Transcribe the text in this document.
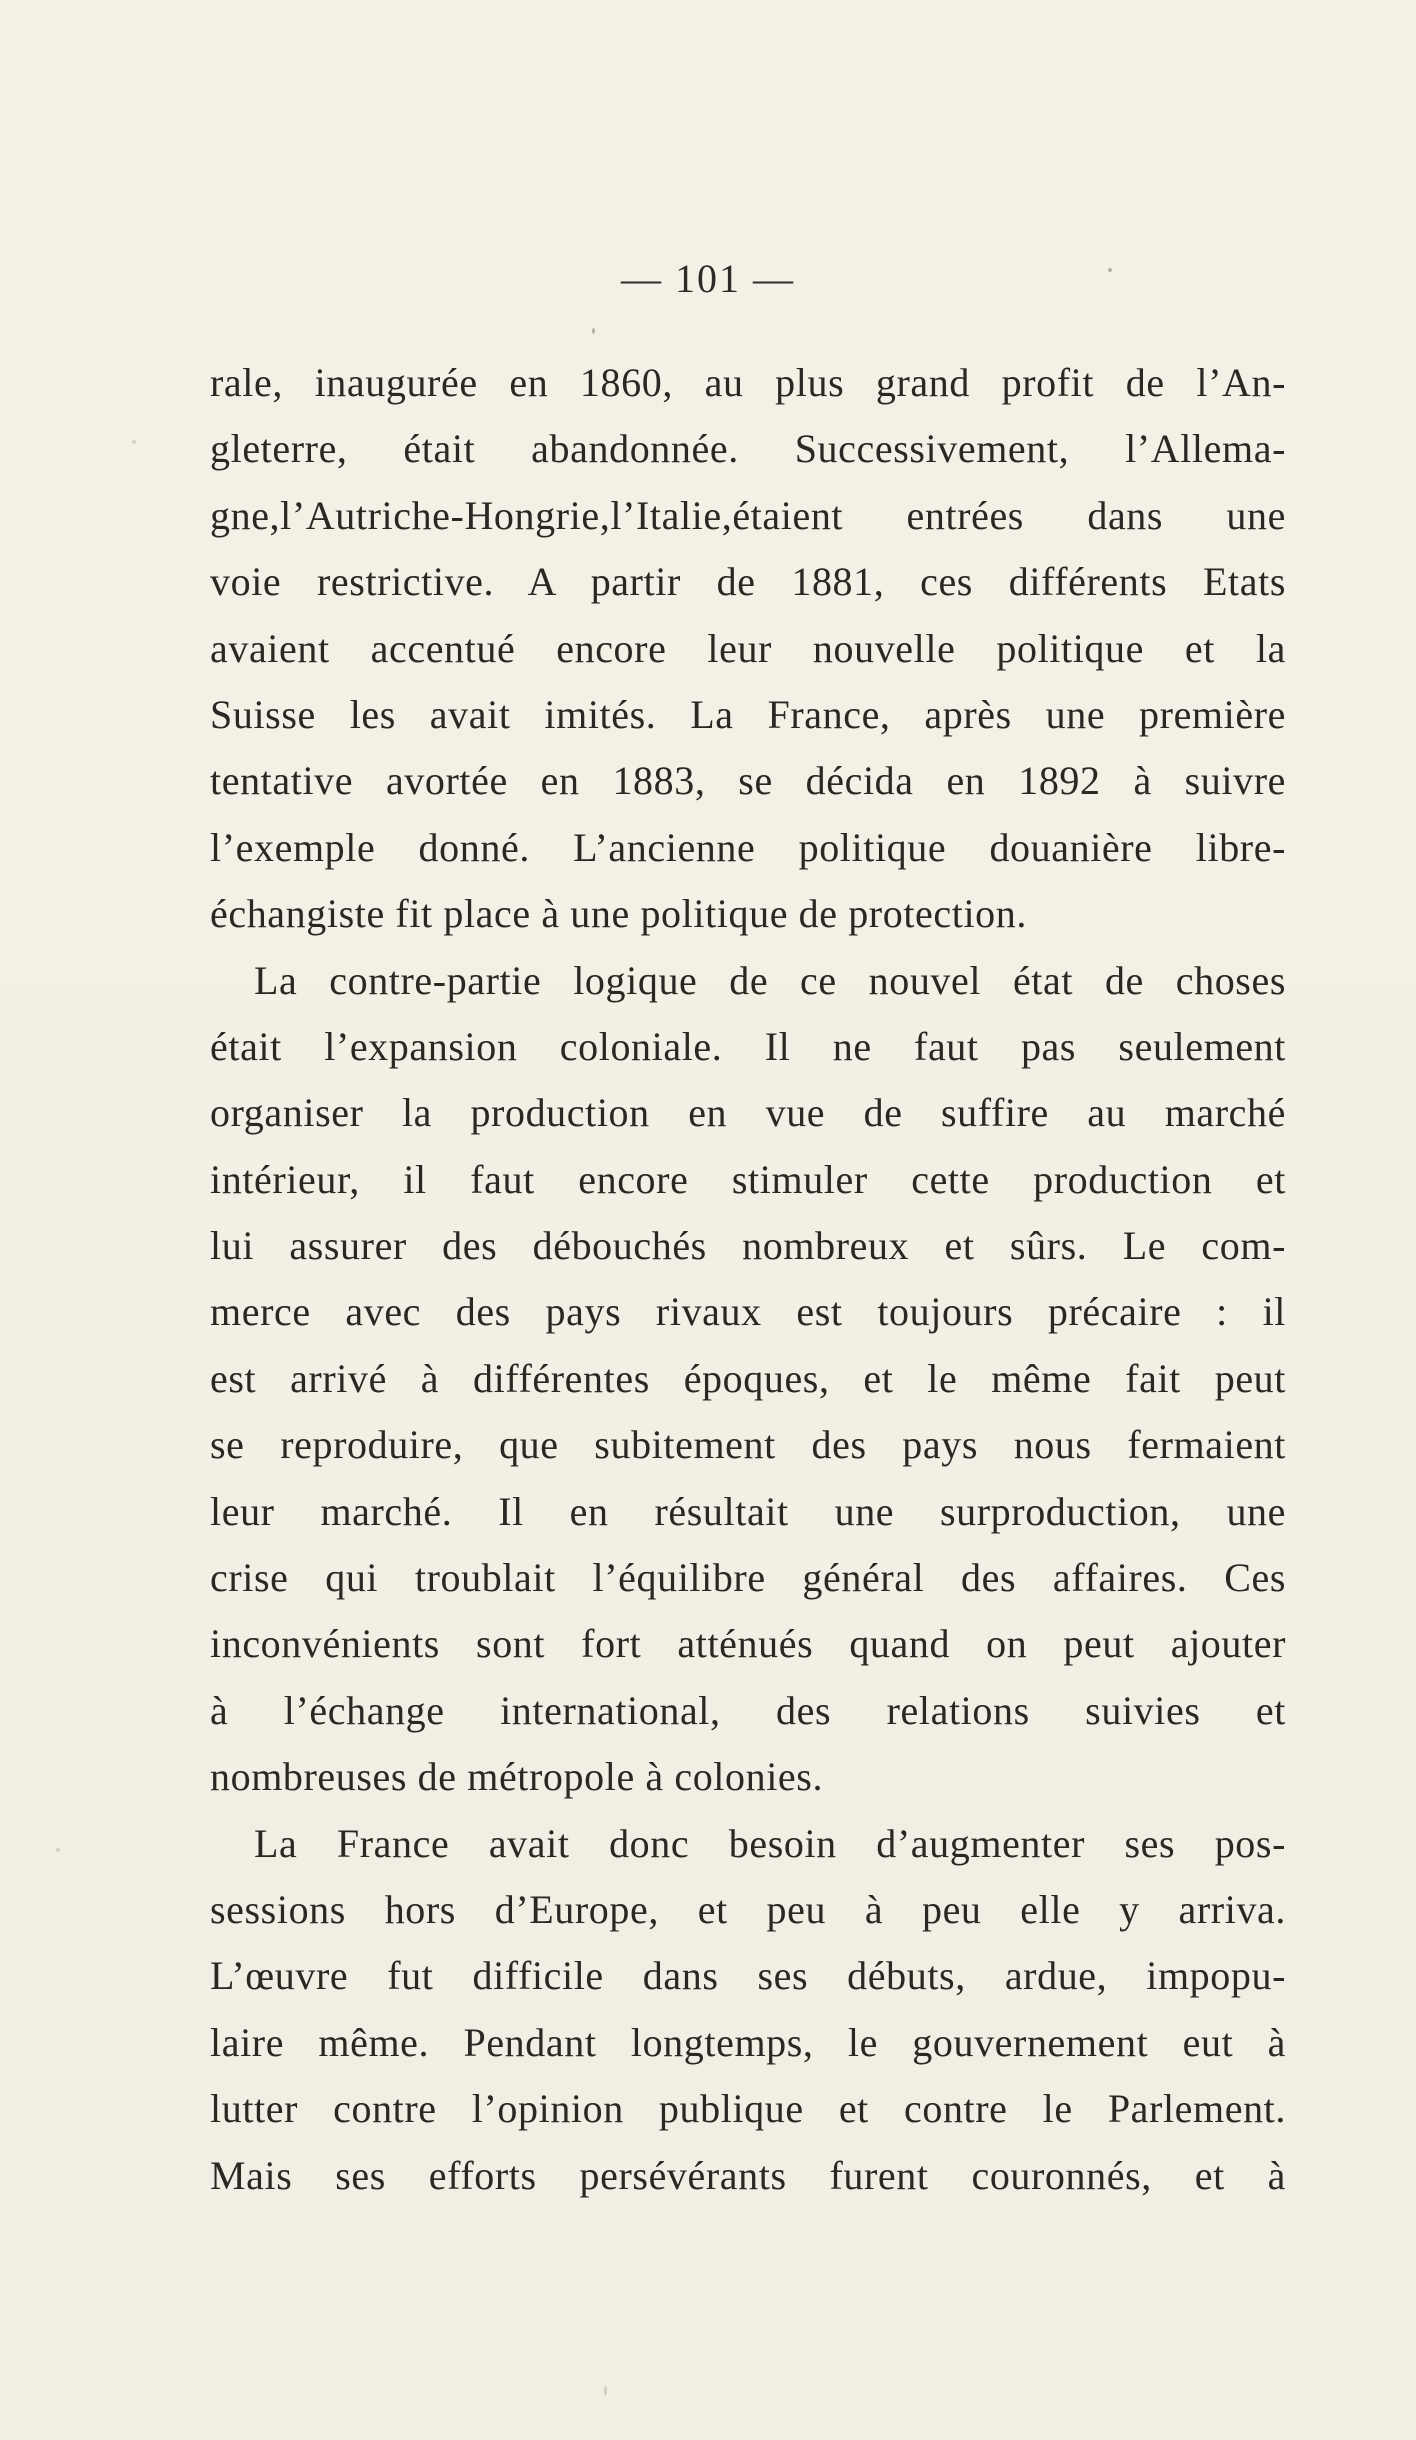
— 101 —
rale, inaugurée en 1860, au plus grand profit de l’An-
gleterre, était abandonnée. Successivement, l’Allema-
gne,l’Autriche-Hongrie,l’Italie,étaient entrées dans une
voie restrictive. A partir de 1881, ces différents Etats
avaient accentué encore leur nouvelle politique et la
Suisse les avait imités. La France, après une première
tentative avortée en 1883, se décida en 1892 à suivre
l’exemple donné. L’ancienne politique douanière libre-
échangiste fit place à une politique de protection.
La contre-partie logique de ce nouvel état de choses
était l’expansion coloniale. Il ne faut pas seulement
organiser la production en vue de suffire au marché
intérieur, il faut encore stimuler cette production et
lui assurer des débouchés nombreux et sûrs. Le com-
merce avec des pays rivaux est toujours précaire : il
est arrivé à différentes époques, et le même fait peut
se reproduire, que subitement des pays nous fermaient
leur marché. Il en résultait une surproduction, une
crise qui troublait l’équilibre général des affaires. Ces
inconvénients sont fort atténués quand on peut ajouter
à l’échange international, des relations suivies et
nombreuses de métropole à colonies.
La France avait donc besoin d’augmenter ses pos-
sessions hors d’Europe, et peu à peu elle y arriva.
L’œuvre fut difficile dans ses débuts, ardue, impopu-
laire même. Pendant longtemps, le gouvernement eut à
lutter contre l’opinion publique et contre le Parlement.
Mais ses efforts persévérants furent couronnés, et à
